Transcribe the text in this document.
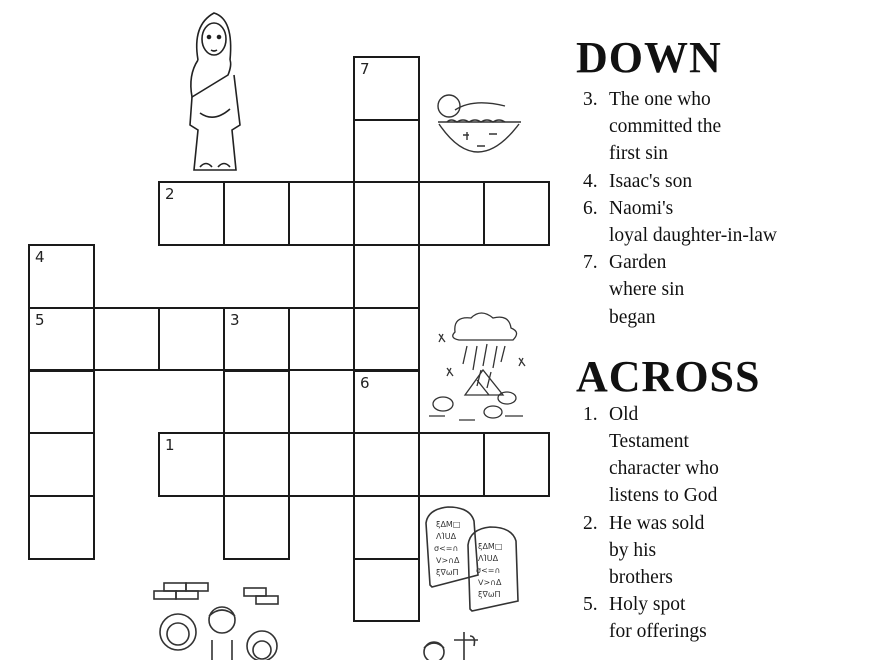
1
2
3
4
5
6
7
ξΔΜ□
ΛΊUΔ
σ<=∩
ᐯ>∩Δ
ξ∇ωΠ
ξΔΜ□
ΛΊUΔ
σ<=∩
ᐯ>∩Δ
ξ∇ωΠ
DOWN
3. The one who
committed the
first sin
4. Isaac's son
6. Naomi's
loyal daughter-in-law
7. Garden
where sin
began
ACROSS
1. Old
Testament
character who
listens to God
2. He was sold
by his
brothers
5. Holy spot
for offerings
